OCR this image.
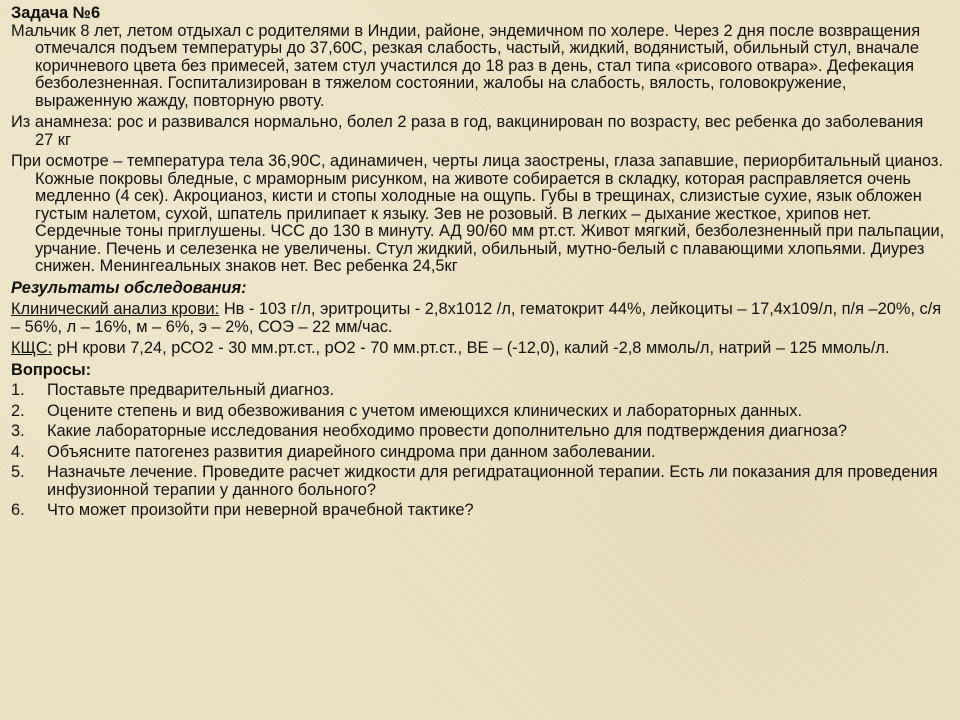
Задача №6

Мальчик 8 лет, летом отдыхал с родителями в Индии, районе, эндемичном по холере. Через 2 дня после возвращения отмечался подъем температуры до 37,60С, резкая слабость, частый, жидкий, водянистый, обильный стул, вначале коричневого цвета без примесей, затем стул участился до 18 раз в день, стал типа «рисового отвара». Дефекация безболезненная. Госпитализирован в тяжелом состоянии, жалобы на слабость, вялость, головокружение, выраженную жажду, повторную рвоту.

Из анамнеза: рос и развивался нормально, болел 2 раза в год, вакцинирован по возрасту, вес ребенка до заболевания 27 кг

При осмотре – температура тела 36,90С, адинамичен, черты лица заострены, глаза запавшие, периорбитальный цианоз. Кожные покровы бледные, с мраморным рисунком, на животе собирается в складку, которая расправляется очень медленно (4 сек). Акроцианоз, кисти и стопы холодные на ощупь. Губы в трещинах, слизистые сухие, язык обложен густым налетом, сухой, шпатель прилипает к языку. Зев не розовый. В легких – дыхание жесткое, хрипов нет. Сердечные тоны приглушены. ЧСС до 130 в минуту. АД 90/60 мм рт.ст. Живот мягкий, безболезненный при пальпации, урчание. Печень и селезенка не увеличены. Стул жидкий, обильный, мутно-белый с плавающими хлопьями. Диурез снижен. Менингеальных знаков нет. Вес ребенка 24,5кг

Результаты обследования:

Клинический анализ крови: Нв - 103 г/л, эритроциты - 2,8х1012 /л, гематокрит 44%, лейкоциты – 17,4х109/л, п/я –20%, с/я – 56%, л – 16%, м – 6%, э – 2%, СОЭ – 22 мм/час.

КЩС: рН крови 7,24, рСО2 - 30 мм.рт.ст., рО2 - 70 мм.рт.ст., ВЕ – (-12,0), калий -2,8 ммоль/л, натрий – 125 ммоль/л.

Вопросы:

1.	Поставьте предварительный диагноз.
2.	Оцените степень и вид обезвоживания с учетом имеющихся клинических и лабораторных данных.
3.	Какие лабораторные исследования необходимо провести дополнительно для подтверждения диагноза?
4.	Объясните патогенез развития диарейного синдрома при данном заболевании.
5.	Назначьте лечение. Проведите расчет жидкости для регидратационной терапии. Есть ли показания для проведения инфузионной терапии у данного больного?
6.	Что может произойти при неверной врачебной тактике?
